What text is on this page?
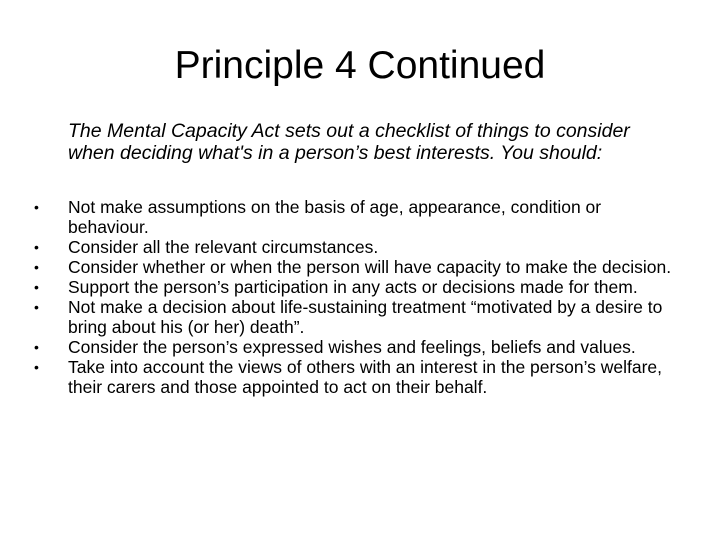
Principle 4 Continued

The Mental Capacity Act sets out a checklist of things to consider when deciding what's in a person’s best interests. You should:

•	Not make assumptions on the basis of age, appearance, condition or behaviour.
•	Consider all the relevant circumstances.
•	Consider whether or when the person will have capacity to make the decision.
•	Support the person’s participation in any acts or decisions made for them.
•	Not make a decision about life-sustaining treatment “motivated by a desire to bring about his (or her) death”.
•	Consider the person’s expressed wishes and feelings, beliefs and values.
•	Take into account the views of others with an interest in the person’s welfare, their carers and those appointed to act on their behalf.
